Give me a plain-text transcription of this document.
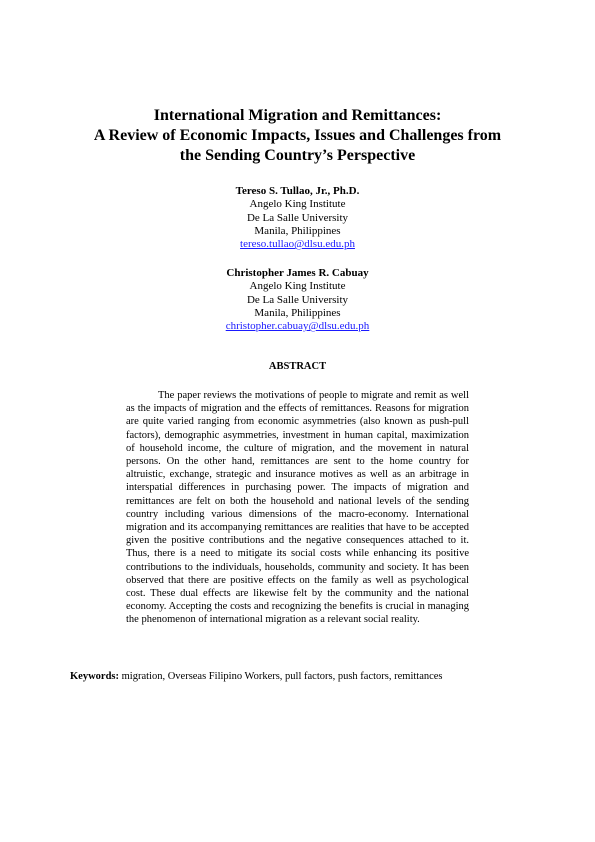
International Migration and Remittances:
A Review of Economic Impacts, Issues and Challenges from
the Sending Country’s Perspective
Tereso S. Tullao, Jr., Ph.D.
Angelo King Institute
De La Salle University
Manila, Philippines
tereso.tullao@dlsu.edu.ph
Christopher James R. Cabuay
Angelo King Institute
De La Salle University
Manila, Philippines
christopher.cabuay@dlsu.edu.ph
ABSTRACT

The paper reviews the motivations of people to migrate and remit as well as the impacts of migration and the effects of remittances. Reasons for migration are quite varied ranging from economic asymmetries (also known as push-pull factors), demographic asymmetries, investment in human capital, maximization of household income, the culture of migration, and the movement in natural persons. On the other hand, remittances are sent to the home country for altruistic, exchange, strategic and insurance motives as well as an arbitrage in interspatial differences in purchasing power. The impacts of migration and remittances are felt on both the household and national levels of the sending country including various dimensions of the macro-economy. International migration and its accompanying remittances are realities that have to be accepted given the positive contributions and the negative consequences attached to it. Thus, there is a need to mitigate its social costs while enhancing its positive contributions to the individuals, households, community and society. It has been observed that there are positive effects on the family as well as psychological cost. These dual effects are likewise felt by the community and the national economy. Accepting the costs and recognizing the benefits is crucial in managing the phenomenon of international migration as a relevant social reality.

Keywords: migration, Overseas Filipino Workers, pull factors, push factors, remittances
